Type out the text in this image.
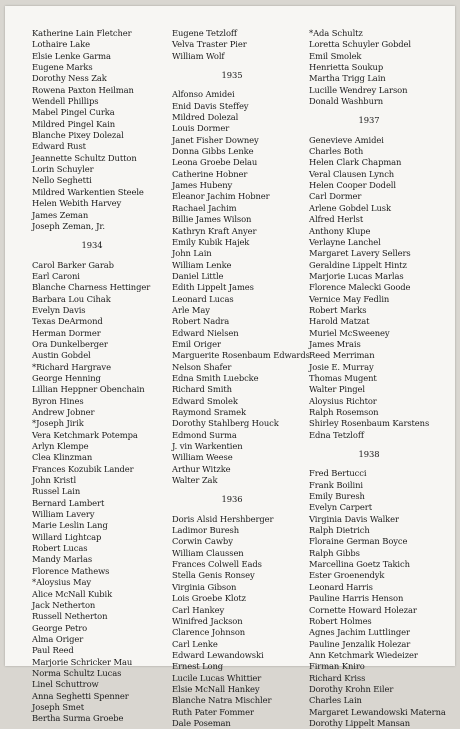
Katherine Lain Fletcher
Lothaire Lake
Elsie Lenke Garma
Eugene Marks
Dorothy Ness Zak
Rowena Paxton Heilman
Wendell Phillips
Mabel Pingel Curka
Mildred Pingel Kain
Blanche Pixey Dolezal
Edward Rust
Jeannette Schultz Dutton
Lorin Schuyler
Nello Seghetti
Mildred Warkentien Steele
Helen Webith Harvey
James Zeman
Joseph Zeman, Jr.
1934
Carol Barker Garab
Earl Caroni
Blanche Charness Hettinger
Barbara Lou Cihak
Evelyn Davis
Texas DeArmond
Herman Dormer
Ora Dunkelberger
Austin Gobdel
*Richard Hargrave
George Henning
Lillian Heppner Obenchain
Byron Hines
Andrew Jobner
*Joseph Jirik
Vera Ketchmark Potempa
Arlyn Klempe
Clea Klinzman
Frances Kozubik Lander
John Kristl
Russel Lain
Bernard Lambert
William Lavery
Marie Leslin Lang
Willard Lightcap
Robert Lucas
Mandy Marlas
Florence Mathews
*Aloysius May
Alice McNall Kubik
Jack Netherton
Russell Netherton
George Petro
Alma Origer
Paul Reed
Marjorie Schricker Mau
Norma Schultz Lucas
Linel Schuttrow
Anna Seghetti Spenner
Joseph Smet
Bertha Surma Groebe
Eugene Tetzloff
Velva Traster Pier
William Wolf
1935
Alfonso Amidei
Enid Davis Steffey
Mildred Dolezal
Louis Dormer
Janet Fisher Downey
Donna Gibbs Lenke
Leona Groebe Delau
Catherine Hobner
James Hubeny
Eleanor Jachim Hobner
Rachael Jachim
Billie James Wilson
Kathryn Kraft Anyer
Emily Kubik Hajek
John Lain
William Lenke
Daniel Little
Edith Lippelt James
Leonard Lucas
Arle May
Robert Nadra
Edward Nielsen
Emil Origer
Marguerite Rosenbaum Edwards
Nelson Shafer
Edna Smith Luebcke
Richard Smith
Edward Smolek
Raymond Sramek
Dorothy Stahlberg Houck
Edmond Surma
J. vin Warkentien
William Weese
Arthur Witzke
Walter Zak
1936
Doris Alsid Hershberger
Ladimor Buresh
Corwin Cawby
William Claussen
Frances Colwell Eads
Stella Genis Ronsey
Virginia Gibson
Lois Groebe Klotz
Carl Hankey
Winifred Jackson
Clarence Johnson
Carl Lenke
Edward Lewandowski
Ernest Long
Lucile Lucas Whittier
Elsie McNall Hankey
Blanche Natra Mischler
Ruth Pater Fommer
Dale Poseman
*Ada Schultz
Loretta Schuyler Gobdel
Emil Smolek
Henrietta Soukup
Martha Trigg Lain
Lucille Wendrey Larson
Donald Washburn
1937
Genevieve Amidei
Charles Both
Helen Clark Chapman
Veral Clausen Lynch
Helen Cooper Dodell
Carl Dormer
Arlene Gobdel Lusk
Alfred Herlst
Anthony Klupe
Verlayne Lanchel
Margaret Lavery Sellers
Geraldine Lippelt Hintz
Marjorie Lucas Marlas
Florence Malecki Goode
Vernice May Fedlin
Robert Marks
Harold Matzat
Muriel McSweeney
James Mrais
Reed Merriman
Josie E. Murray
Thomas Mugent
Walter Pingel
Aloysius Richtor
Ralph Rosemson
Shirley Rosenbaum Karstens
Edna Tetzloff
1938
Fred Bertucci
Frank Boilini
Emily Buresh
Evelyn Carpert
Virginia Davis Walker
Ralph Dietrich
Floraine German Boyce
Ralph Gibbs
Marcellina Goetz Takich
Ester Groenendyk
Leonard Harris
Pauline Harris Henson
Cornette Howard Holezar
Robert Holmes
Agnes Jachim Luttlinger
Pauline Jenzalik Holezar
Ann Ketchmark Wiedeizer
Firman Kniro
Richard Kriss
Dorothy Krohn Eiler
Charles Lain
Margaret Lewandowski Materna
Dorothy Lippelt Mansan
